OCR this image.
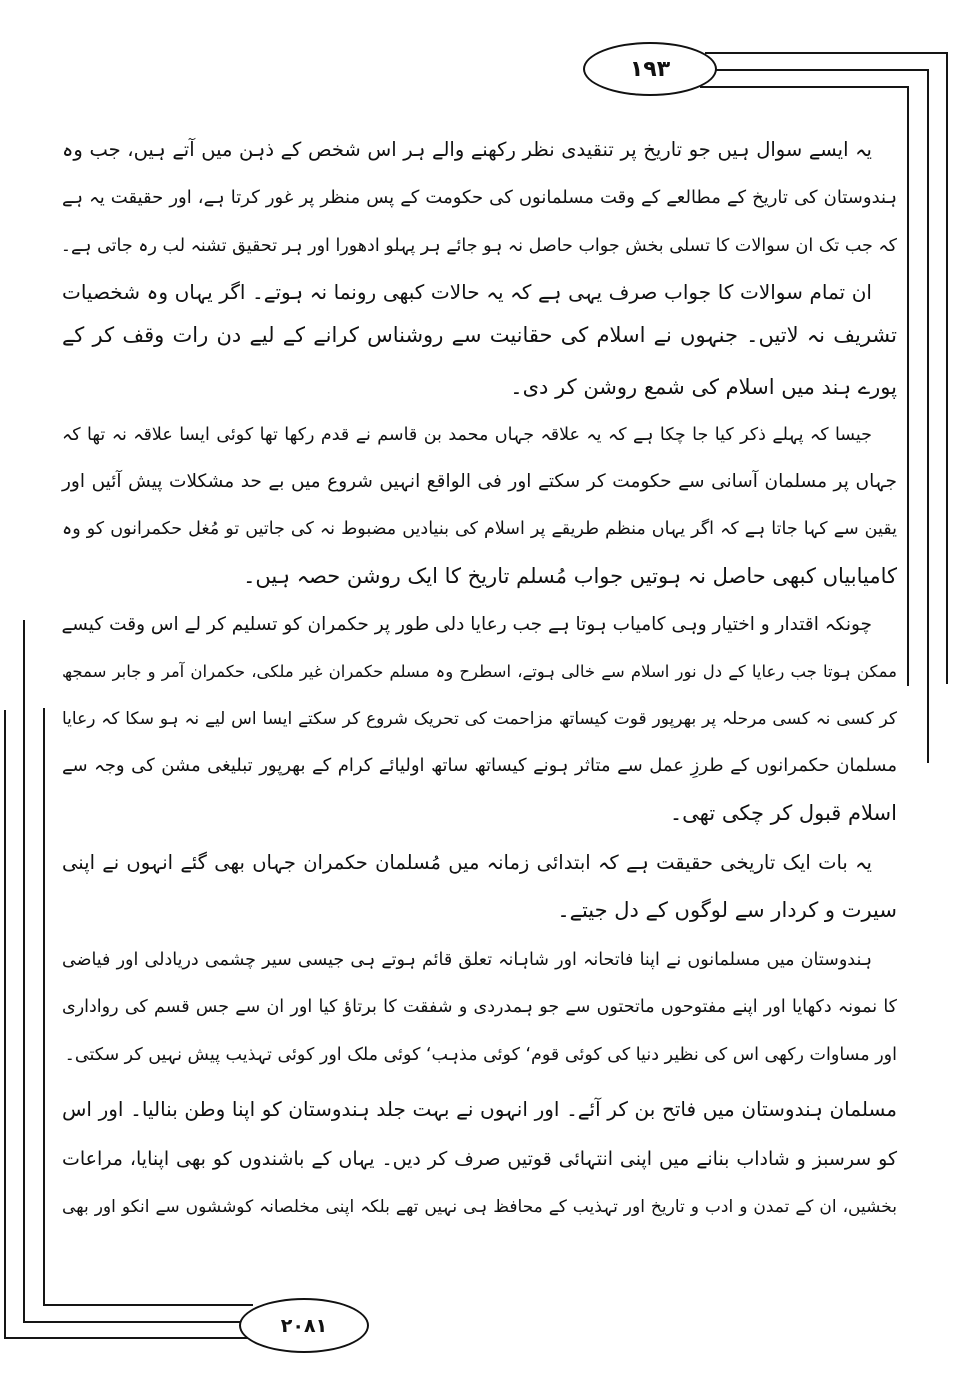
۱۹۳
۲۰۸۱
یہ ایسے سوال ہیں جو تاریخ پر تنقیدی نظر رکھنے والے ہر اس شخص کے ذہن میں آتے ہیں، جب وہ
ہندوستان کی تاریخ کے مطالعے کے وقت مسلمانوں کی حکومت کے پس منظر پر غور کرتا ہے، اور حقیقت یہ ہے
کہ جب تک ان سوالات کا تسلی بخش جواب حاصل نہ ہو جائے ہر پہلو ادھورا اور ہر تحقیق تشنہ لب رہ جاتی ہے۔
ان تمام سوالات کا جواب صرف یہی ہے کہ یہ حالات کبھی رونما نہ ہوتے۔ اگر یہاں وہ شخصیات
تشریف نہ لاتیں۔ جنہوں نے اسلام کی حقانیت سے روشناس کرانے کے لیے دن رات وقف کر کے
پورے ہند میں اسلام کی شمع روشن کر دی۔
جیسا کہ پہلے ذکر کیا جا چکا ہے کہ یہ علاقہ جہاں محمد بن قاسم نے قدم رکھا تھا کوئی ایسا علاقہ نہ تھا کہ
جہاں پر مسلمان آسانی سے حکومت کر سکتے اور فی الواقع انہیں شروع میں بے حد مشکلات پیش آئیں اور
یقین سے کہا جاتا ہے کہ اگر یہاں منظم طریقے پر اسلام کی بنیادیں مضبوط نہ کی جاتیں تو مُغل حکمرانوں کو وہ
کامیابیاں کبھی حاصل نہ ہوتیں جواب مُسلم تاریخ کا ایک روشن حصہ ہیں۔
چونکہ اقتدار و اختیار وہی کامیاب ہوتا ہے جب رعایا دلی طور پر حکمران کو تسلیم کر لے اس وقت کیسے
ممکن ہوتا جب رعایا کے دل نور اسلام سے خالی ہوتے، اسطرح وہ مسلم حکمران غیر ملکی، حکمران آمر و جابر سمجھ
کر کسی نہ کسی مرحلہ پر بھرپور قوت کیساتھ مزاحمت کی تحریک شروع کر سکتے ایسا اس لیے نہ ہو سکا کہ رعایا
مسلمان حکمرانوں کے طرزِ عمل سے متاثر ہونے کیساتھ ساتھ اولیائے کرام کے بھرپور تبلیغی مشن کی وجہ سے
اسلام قبول کر چکی تھی۔
یہ بات ایک تاریخی حقیقت ہے کہ ابتدائی زمانہ میں مُسلمان حکمران جہاں بھی گئے انہوں نے اپنی
سیرت و کردار سے لوگوں کے دل جیتے۔
ہندوستان میں مسلمانوں نے اپنا فاتحانہ اور شاہانہ تعلق قائم ہوتے ہی جیسی سیر چشمی دریادلی اور فیاضی
کا نمونہ دکھایا اور اپنے مفتوحوں ماتحتوں سے جو ہمدردی و شفقت کا برتاؤ کیا اور ان سے جس قسم کی رواداری
اور مساوات رکھی اس کی نظیر دنیا کی کوئی قوم‘ کوئی مذہب‘ کوئی ملک اور کوئی تہذیب پیش نہیں کر سکتی۔
مسلمان ہندوستان میں فاتح بن کر آئے۔ اور انہوں نے بہت جلد ہندوستان کو اپنا وطن بنالیا۔ اور اس
کو سرسبز و شاداب بنانے میں اپنی انتہائی قوتیں صرف کر دیں۔ یہاں کے باشندوں کو بھی اپنایا، مراعات
بخشیں، ان کے تمدن و ادب و تاریخ اور تہذیب کے محافظ ہی نہیں تھے بلکہ اپنی مخلصانہ کوششوں سے انکو اور بھی
